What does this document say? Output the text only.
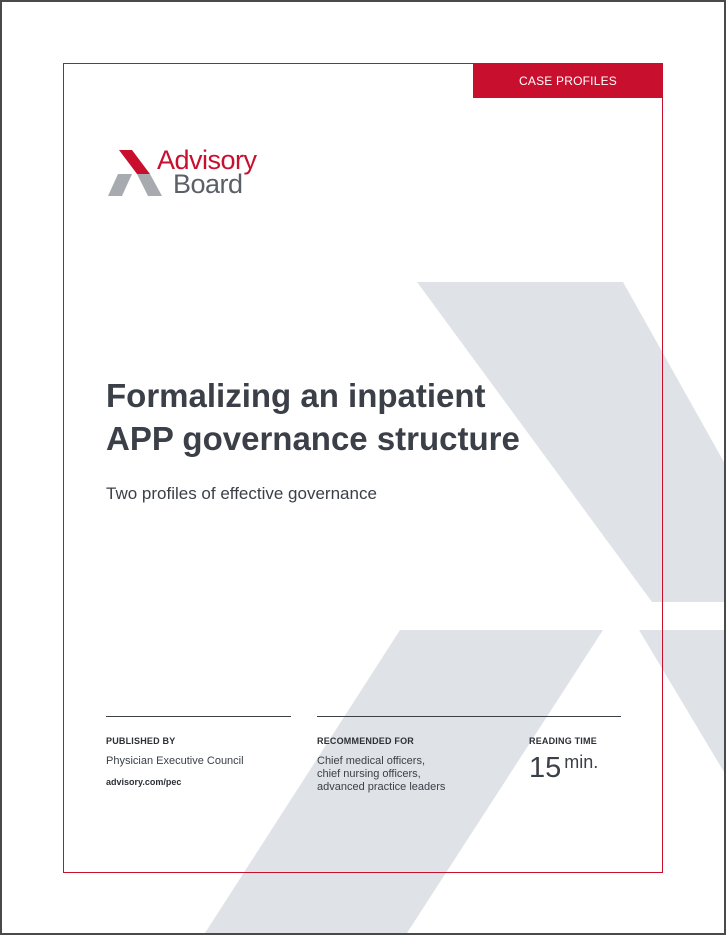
CASE PROFILES
Advisory
Board
Formalizing an inpatient
APP governance structure
Two profiles of effective governance
PUBLISHED BY
Physician Executive Council
advisory.com/pec
RECOMMENDED FOR
Chief medical officers,
chief nursing officers,
advanced practice leaders
READING TIME
15 min.
